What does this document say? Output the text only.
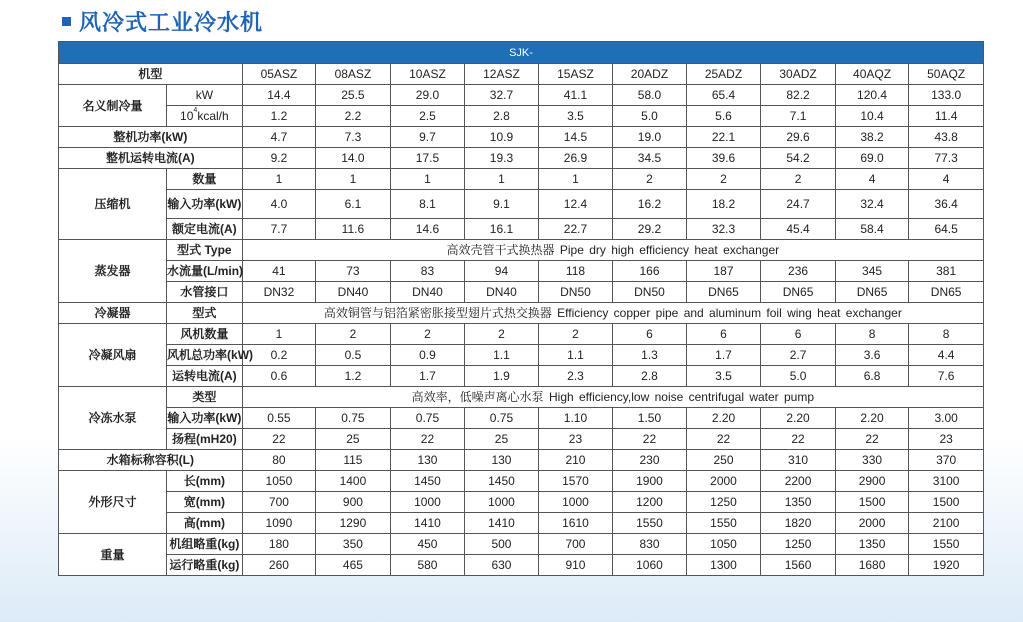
风冷式工业冷水机
SJK-											
机型		05ASZ	08ASZ	10ASZ	12ASZ	15ASZ	20ADZ	25ADZ	30ADZ	40AQZ	50AQZ
名义制冷量	kW	14.4	25.5	29.0	32.7	41.1	58.0	65.4	82.2	120.4	133.0
	$10^4kcal/h$	1.2	2.2	2.5	2.8	3.5	5.0	5.6	7.1	10.4	11.4
整机功率(kW)		4.7	7.3	9.7	10.9	14.5	19.0	22.1	29.6	38.2	43.8
整机运转电流(A)		9.2	14.0	17.5	19.3	26.9	34.5	39.6	54.2	69.0	77.3
压缩机	数量	1	1	1	1	1	2	2	2	4	4
	输入功率(kW)	4.0	6.1	8.1	9.1	12.4	16.2	18.2	24.7	32.4	36.4
	额定电流(A)	7.7	11.6	14.6	16.1	22.7	29.2	32.3	45.4	58.4	64.5
蒸发器	型式 Type	高效壳管干式换热器 Pipe dry high efficiency heat exchanger									
	水流量(L/min)	41	73	83	94	118	166	187	236	345	381
	水管接口	DN32	DN40	DN40	DN40	DN50	DN50	DN65	DN65	DN65	DN65
冷凝器	型式	高效铜管与铝箔紧密胀接型翅片式热交换器 Efficiency copper pipe and aluminum foil wing heat exchanger									
冷凝风扇	风机数量	1	2	2	2	2	6	6	6	8	8
	风机总功率(kW)	0.2	0.5	0.9	1.1	1.1	1.3	1.7	2.7	3.6	4.4
	运转电流(A)	0.6	1.2	1.7	1.9	2.3	2.8	3.5	5.0	6.8	7.6
冷冻水泵	类型	高效率，低噪声离心水泵 High efficiency,low noise centrifugal water pump									
	输入功率(kW)	0.55	0.75	0.75	0.75	1.10	1.50	2.20	2.20	2.20	3.00
	扬程(mH20)	22	25	22	25	23	22	22	22	22	23
水箱标称容积(L)		80	115	130	130	210	230	250	310	330	370
外形尺寸	长(mm)	1050	1400	1450	1450	1570	1900	2000	2200	2900	3100
	宽(mm)	700	900	1000	1000	1000	1200	1250	1350	1500	1500
	高(mm)	1090	1290	1410	1410	1610	1550	1550	1820	2000	2100
重量	机组略重(kg)	180	350	450	500	700	830	1050	1250	1350	1550
	运行略重(kg)	260	465	580	630	910	1060	1300	1560	1680	1920
